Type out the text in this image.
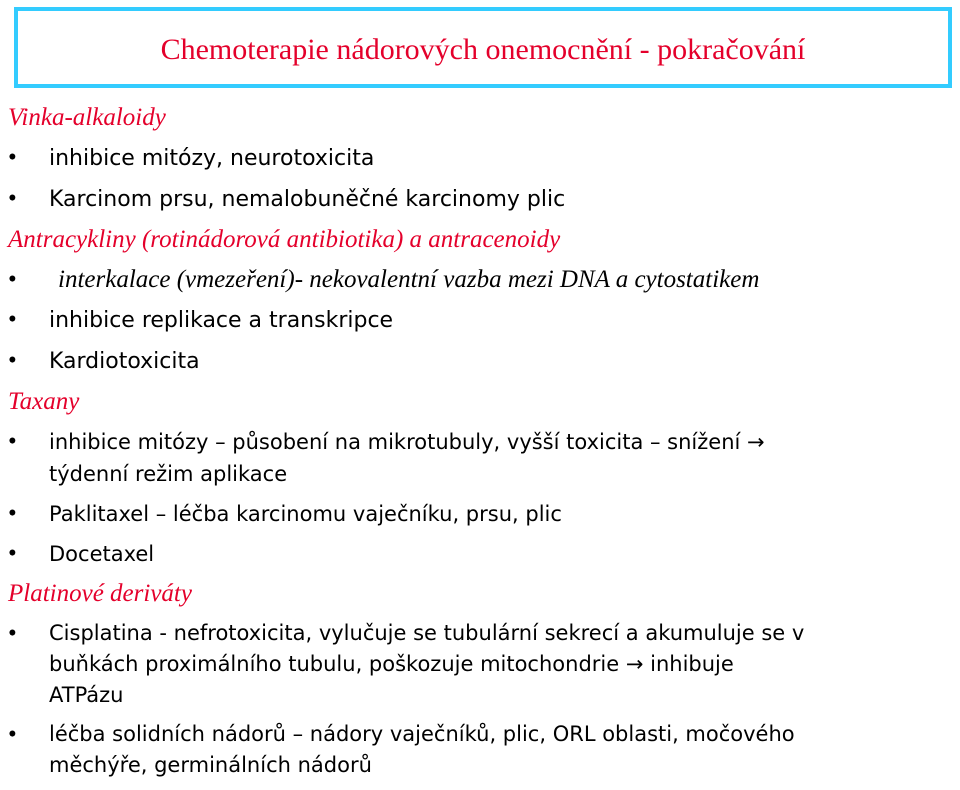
Chemoterapie nádorových onemocnění - pokračování
Vinka-alkaloidy
• inhibice mitózy, neurotoxicita
• Karcinom prsu, nemalobuněčné karcinomy plic
Antracykliny (rotinádorová antibiotika) a antracenoidy
• interkalace (vmezeření)- nekovalentní vazba mezi DNA a cytostatikem
• inhibice replikace a transkripce
• Kardiotoxicita
Taxany
• inhibice mitózy – působení na mikrotubuly, vyšší toxicita – snížení →
týdenní režim aplikace
• Paklitaxel – léčba karcinomu vaječníku, prsu, plic
• Docetaxel
Platinové deriváty
• Cisplatina - nefrotoxicita, vylučuje se tubulární sekrecí a akumuluje se v
buňkách proximálního tubulu, poškozuje mitochondrie → inhibuje
ATPázu
• léčba solidních nádorů – nádory vaječníků, plic, ORL oblasti, močového
měchýře, germinálních nádorů
